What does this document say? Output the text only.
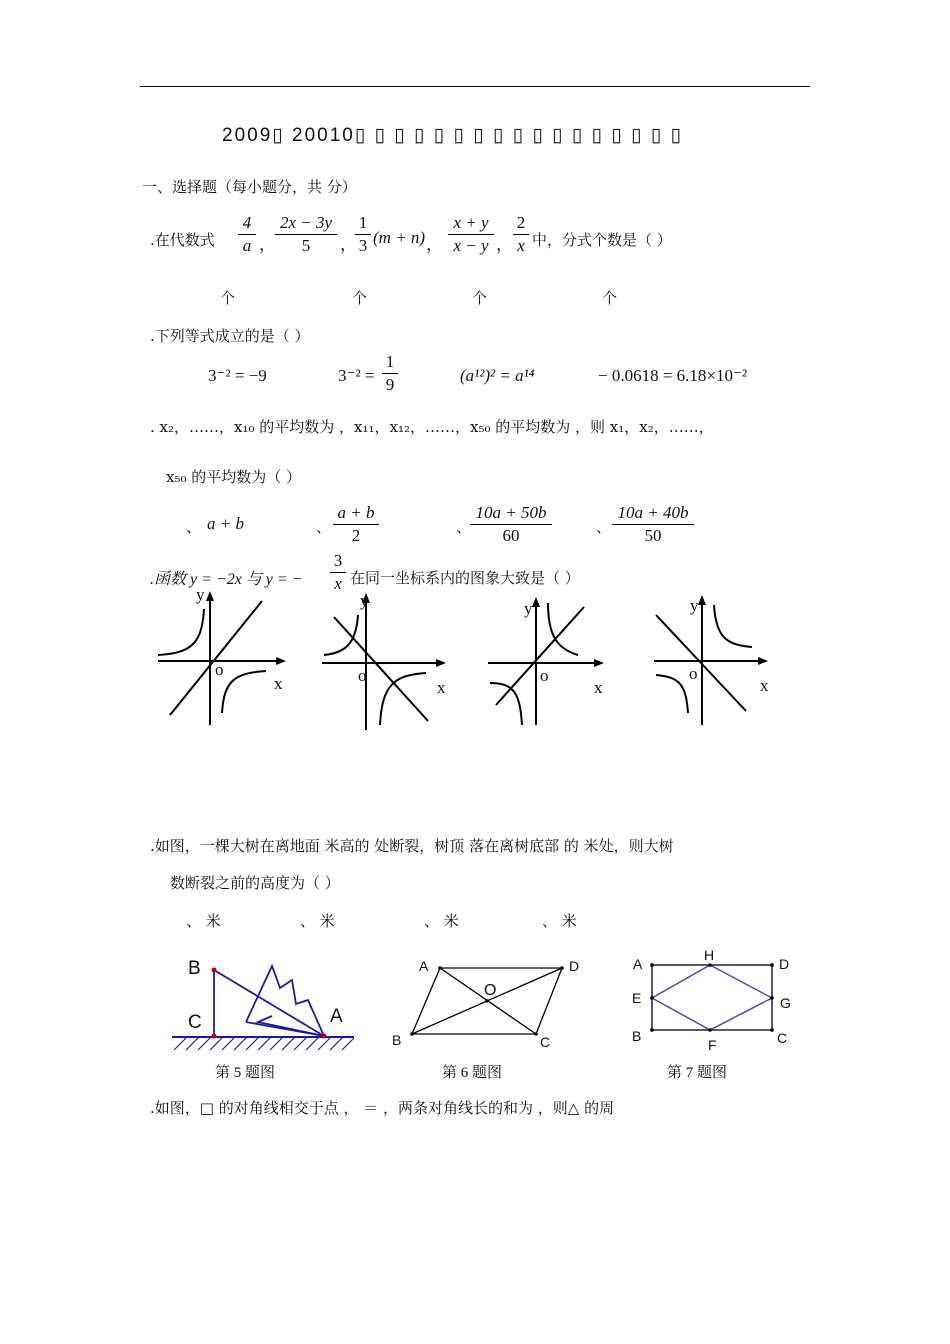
2009▯ 20010▯ ▯ ▯ ▯ ▯ ▯ ▯ ▯ ▯ ▯ ▯ ▯ ▯ ▯ ▯ ▯ ▯
一、选择题（每小题分，共 分）
.在代数式 $\frac{4}{a}$ ， $\frac{2x - 3y}{5}$ ，
$\frac{1}{3} (m + n)$ ， $\frac{x + y}{x - y}$ ， $\frac{2}{x}$ 中，分式个数是（ ）
个	个	个	个
.下列等式成立的是（ ）
3⁻² = −9	$3^{-2} = \frac{1}{9}$	(a¹²)² = a¹⁴	− 0.0618 = 6.18×10⁻²
. x₂，……，x₁₀ 的平均数为 ，x₁₁，x₁₂，……，x₅₀ 的平均数为 ，则 x₁，x₂，……，
x₅₀ 的平均数为（ ）
、 a + b	、 $\frac{a + b}{2}$	、
$\frac{10a + 50b}{60}$	、 $\frac{10a + 40b}{50}$
.函数 y = −2x 与 y = − $\frac{3}{x}$ 在同一坐标系内的图象大致是（ ）
y
o
x
y
o
x
y
o
x
y
o
x
.如图，一棵大树在离地面 米高的 处断裂，树顶 落在离树底部 的 米处，则大树
数断裂之前的高度为（ ）
、 米	、 米	、 米	、 米
B
C	A
第 5 题图
A	D
O
B	C
第 6 题图
A
H
D
E	G
B
F	C
第 7 题图
.如图，□ 的对角线相交于点 ， ＝ ，两条对角线长的和为 ，则△ 的周
